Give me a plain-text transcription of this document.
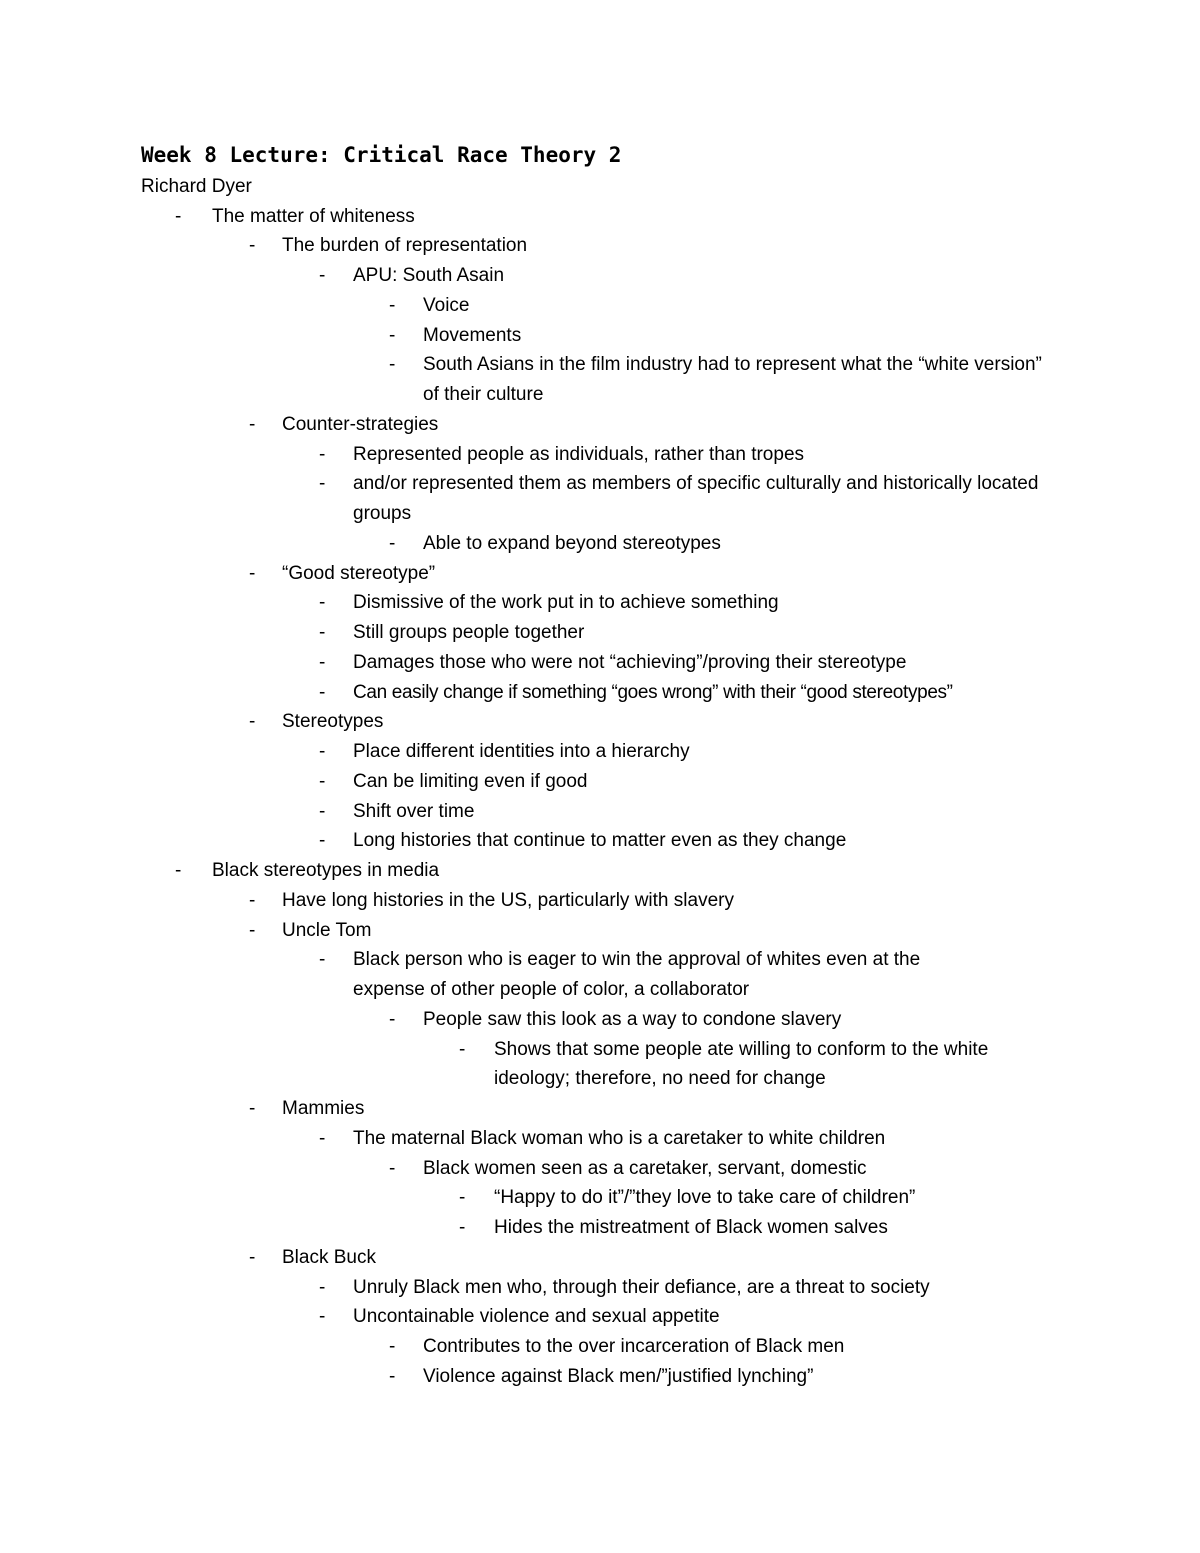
Week 8 Lecture: Critical Race Theory 2
Richard Dyer
- The matter of whiteness
- The burden of representation
- APU: South Asain
- Voice
- Movements
- South Asians in the film industry had to represent what the “white version” of their culture
- Counter-strategies
- Represented people as individuals, rather than tropes
- and/or represented them as members of specific culturally and historically located groups
- Able to expand beyond stereotypes
- “Good stereotype”
- Dismissive of the work put in to achieve something
- Still groups people together
- Damages those who were not “achieving”/proving their stereotype
- Can easily change if something “goes wrong” with their “good stereotypes”
- Stereotypes
- Place different identities into a hierarchy
- Can be limiting even if good
- Shift over time
- Long histories that continue to matter even as they change
- Black stereotypes in media
- Have long histories in the US, particularly with slavery
- Uncle Tom
- Black person who is eager to win the approval of whites even at the expense of other people of color, a collaborator
- People saw this look as a way to condone slavery
- Shows that some people ate willing to conform to the white ideology; therefore, no need for change
- Mammies
- The maternal Black woman who is a caretaker to white children
- Black women seen as a caretaker, servant, domestic
- “Happy to do it”/”they love to take care of children”
- Hides the mistreatment of Black women salves
- Black Buck
- Unruly Black men who, through their defiance, are a threat to society
- Uncontainable violence and sexual appetite
- Contributes to the over incarceration of Black men
- Violence against Black men/”justified lynching”
